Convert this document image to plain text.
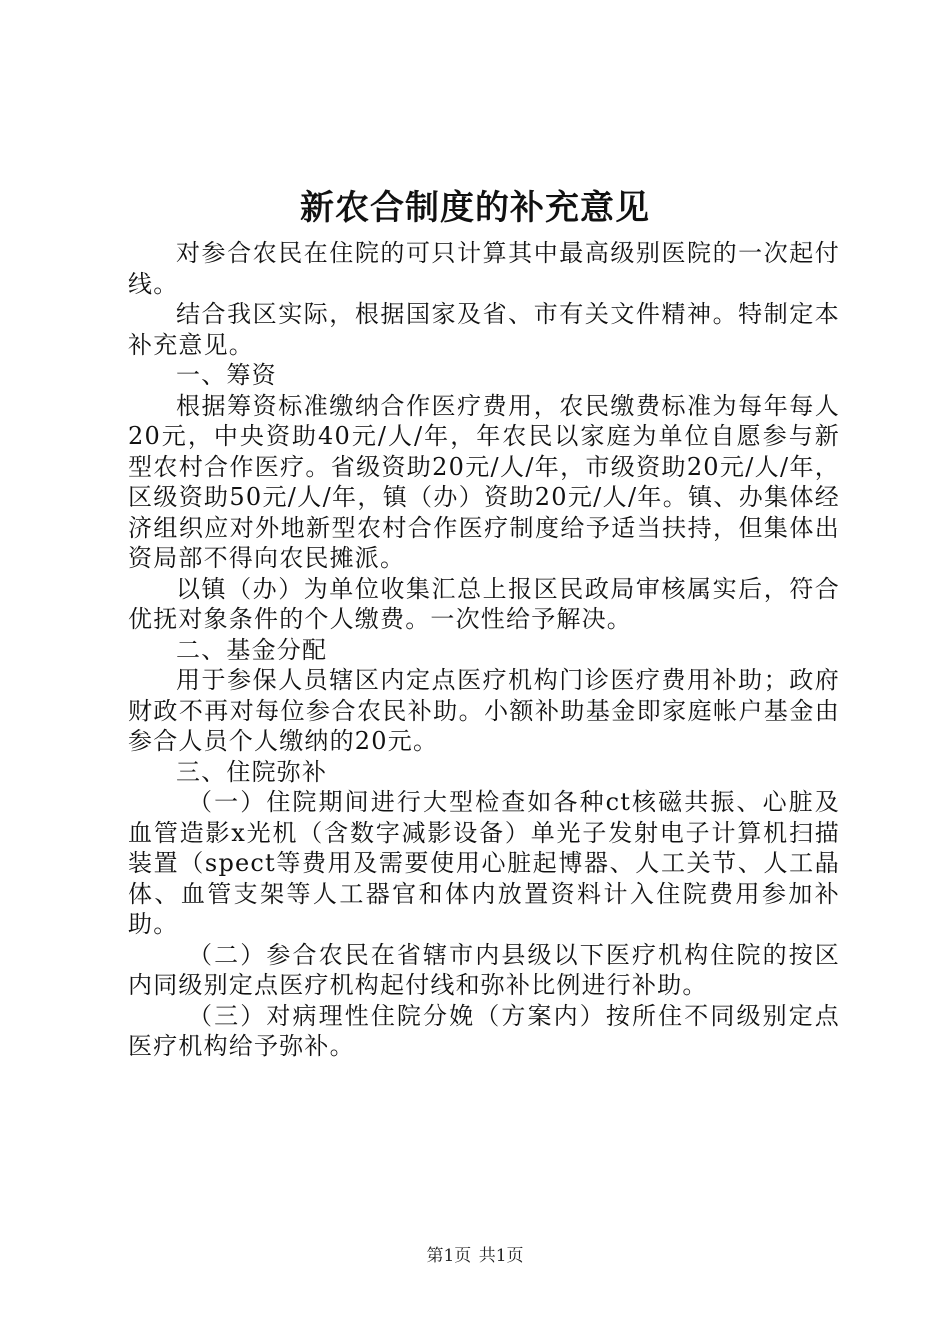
新农合制度的补充意见

对参合农民在住院的可只计算其中最高级别医院的一次起付线。

结合我区实际，根据国家及省、市有关文件精神。特制定本补充意见。

一、筹资

根据筹资标准缴纳合作医疗费用，农民缴费标准为每年每人20元，中央资助40元/人/年，年农民以家庭为单位自愿参与新型农村合作医疗。省级资助20元/人/年，市级资助20元/人/年，区级资助50元/人/年，镇（办）资助20元/人/年。镇、办集体经济组织应对外地新型农村合作医疗制度给予适当扶持，但集体出资局部不得向农民摊派。

以镇（办）为单位收集汇总上报区民政局审核属实后，符合优抚对象条件的个人缴费。一次性给予解决。

二、基金分配

用于参保人员辖区内定点医疗机构门诊医疗费用补助；政府财政不再对每位参合农民补助。小额补助基金即家庭帐户基金由参合人员个人缴纳的20元。

三、住院弥补

（一）住院期间进行大型检查如各种ct核磁共振、心脏及血管造影x光机（含数字减影设备）单光子发射电子计算机扫描装置（spect等费用及需要使用心脏起博器、人工关节、人工晶体、血管支架等人工器官和体内放置资料计入住院费用参加补助。

（二）参合农民在省辖市内县级以下医疗机构住院的按区内同级别定点医疗机构起付线和弥补比例进行补助。

（三）对病理性住院分娩（方案内）按所住不同级别定点医疗机构给予弥补。

第1页 共1页
